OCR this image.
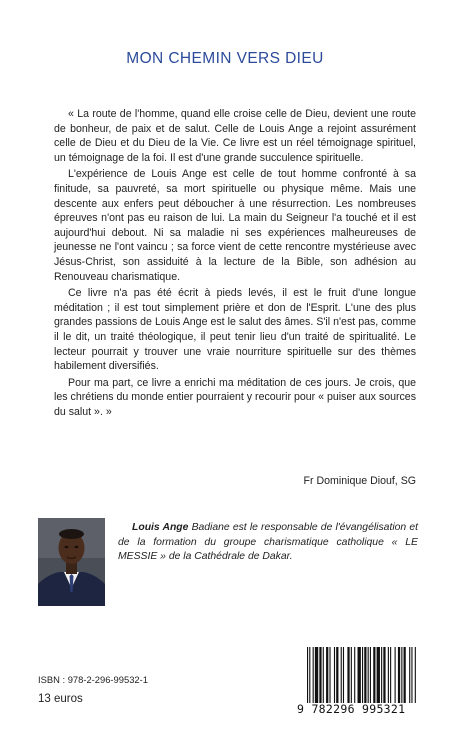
MON CHEMIN VERS DIEU

« La route de l'homme, quand elle croise celle de Dieu, devient une route de bonheur, de paix et de salut. Celle de Louis Ange a rejoint assurément celle de Dieu et du Dieu de la Vie. Ce livre est un réel témoignage spirituel, un témoignage de la foi. Il est d'une grande succulence spirituelle.

L'expérience de Louis Ange est celle de tout homme confronté à sa finitude, sa pauvreté, sa mort spirituelle ou physique même. Mais une descente aux enfers peut déboucher à une résurrection. Les nombreuses épreuves n'ont pas eu raison de lui. La main du Seigneur l'a touché et il est aujourd'hui debout. Ni sa maladie ni ses expériences malheureuses de jeunesse ne l'ont vaincu ; sa force vient de cette rencontre mystérieuse avec Jésus-Christ, son assiduité à la lecture de la Bible, son adhésion au Renouveau charismatique.

Ce livre n'a pas été écrit à pieds levés, il est le fruit d'une longue méditation ; il est tout simplement prière et don de l'Esprit. L'une des plus grandes passions de Louis Ange est le salut des âmes. S'il n'est pas, comme il le dit, un traité théologique, il peut tenir lieu d'un traité de spiritualité. Le lecteur pourrait y trouver une vraie nourriture spirituelle sur des thèmes habilement diversifiés.

Pour ma part, ce livre a enrichi ma méditation de ces jours. Je crois, que les chrétiens du monde entier pourraient y recourir pour « puiser aux sources du salut ». »

Fr Dominique Diouf, SG

Louis Ange Badiane est le responsable de l'évangélisation et de la formation du groupe charismatique catholique « LE MESSIE » de la Cathédrale de Dakar.

ISBN : 978-2-296-99532-1
13 euros
9 782296 995321
